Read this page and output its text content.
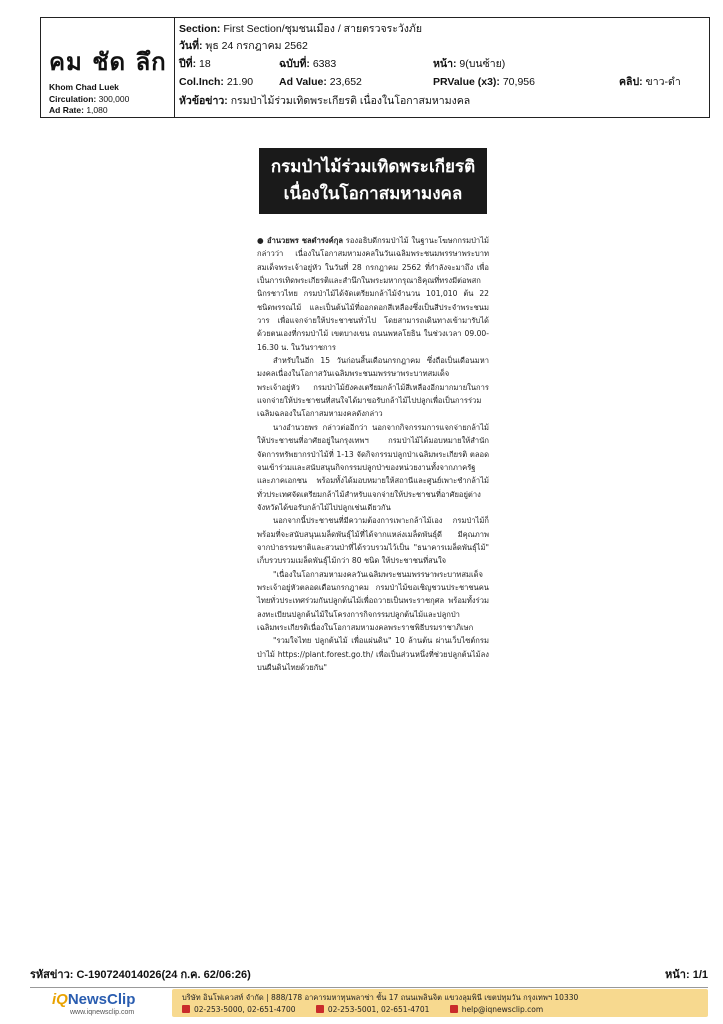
คม ชัด ลึก
Khom Chad Luek
Circulation: 300,000
Ad Rate: 1,080
Section: First Section/ชุมชนเมือง / สายตรวจระวังภัย
วันที่: พุธ 24 กรกฎาคม 2562
ปีที่: 18	ฉบับที่: 6383	หน้า: 9(บนซ้าย)
Col.Inch: 21.90 Ad Value: 23,652	PRValue (x3): 70,956	คลิป: ขาว-ดำ
หัวข้อข่าว: กรมป่าไม้ร่วมเทิดพระเกียรติ เนื่องในโอกาสมหามงคล
กรมป่าไม้ร่วมเทิดพระเกียรติ
เนื่องในโอกาสมหามงคล

● อำนวยพร ชลดำรงค์กุล รองอธิบดีกรมป่าไม้ ในฐานะโฆษกกรมป่าไม้ กล่าวว่า เนื่องในโอกาสมหามงคลในวันเฉลิมพระชนมพรรษาพระบาทสมเด็จพระเจ้าอยู่หัว ในวันที่ 28 กรกฎาคม 2562 ที่กำลังจะมาถึง เพื่อเป็นการเทิดพระเกียรติและสำนึกในพระมหากรุณาธิคุณที่ทรงมีต่อพสกนิกรชาวไทย กรมป่าไม้ได้จัดเตรียมกล้าไม้จำนวน 101,010 ต้น 22 ชนิดพรรณไม้ และเป็นต้นไม้ที่ออกดอกสีเหลืองซึ่งเป็นสีประจำพระชนมวาร เพื่อแจกจ่ายให้ประชาชนทั่วไป โดยสามารถเดินทางเข้ามารับได้ด้วยตนเองที่กรมป่าไม้ เขตบางเขน ถนนพหลโยธิน ในช่วงเวลา 09.00-16.30 น. ในวันราชการ

สำหรับในอีก 15 วันก่อนสิ้นเดือนกรกฎาคม ซึ่งถือเป็นเดือนมหามงคลเนื่องในโอกาสวันเฉลิมพระชนมพรรษาพระบาทสมเด็จพระเจ้าอยู่หัว กรมป่าไม้ยังคงเตรียมกล้าไม้สีเหลืองอีกมากมายในการแจกจ่ายให้ประชาชนที่สนใจได้มาขอรับกล้าไม้ไปปลูกเพื่อเป็นการร่วมเฉลิมฉลองในโอกาสมหามงคลดังกล่าว

นางอำนวยพร กล่าวต่ออีกว่า นอกจากกิจกรรมการแจกจ่ายกล้าไม้ให้ประชาชนที่อาศัยอยู่ในกรุงเทพฯ กรมป่าไม้ได้มอบหมายให้สำนักจัดการทรัพยากรป่าไม้ที่ 1-13 จัดกิจกรรมปลูกป่าเฉลิมพระเกียรติ ตลอดจนเข้าร่วมและสนับสนุนกิจกรรมปลูกป่าของหน่วยงานทั้งจากภาครัฐและภาคเอกชน พร้อมทั้งได้มอบหมายให้สถานีและศูนย์เพาะชำกล้าไม้ทั่วประเทศจัดเตรียมกล้าไม้สำหรับแจกจ่ายให้ประชาชนที่อาศัยอยู่ต่างจังหวัดได้ขอรับกล้าไม้ไปปลูกเช่นเดียวกัน

นอกจากนี้ประชาชนที่มีความต้องการเพาะกล้าไม้เอง กรมป่าไม้ก็พร้อมที่จะสนับสนุนเมล็ดพันธุ์ไม้ที่ได้จากแหล่งเมล็ดพันธุ์ดี มีคุณภาพจากป่าธรรมชาติและสวนป่าที่ได้รวบรวมไว้เป็น "ธนาคารเมล็ดพันธุ์ไม้" เก็บรวบรวมเมล็ดพันธุ์ไม้กว่า 80 ชนิด ให้ประชาชนที่สนใจ

"เนื่องในโอกาสมหามงคลวันเฉลิมพระชนมพรรษาพระบาทสมเด็จพระเจ้าอยู่หัวตลอดเดือนกรกฎาคม กรมป่าไม้ขอเชิญชวนประชาชนคนไทยทั่วประเทศร่วมกันปลูกต้นไม้เพื่อถวายเป็นพระราชกุศล พร้อมทั้งร่วมลงทะเบียนปลูกต้นไม้ในโครงการกิจกรรมปลูกต้นไม้และปลูกป่าเฉลิมพระเกียรติเนื่องในโอกาสมหามงคลพระราชพิธีบรมราชาภิเษก

"รวมใจไทย ปลูกต้นไม้ เพื่อแผ่นดิน" 10 ล้านต้น ผ่านเว็บไซต์กรมป่าไม้ https://plant.forest.go.th/ เพื่อเป็นส่วนหนึ่งที่ช่วยปลูกต้นไม้ลงบนผืนดินไทยด้วยกัน"

รหัสข่าว: C-190724014026(24 ก.ค. 62/06:26)	หน้า: 1/1
iQNewsClip
www.iqnewsclip.com
บริษัท อินโฟเควสท์ จำกัด | 888/178 อาคารมหาทุนพลาซ่า ชั้น 17 ถนนเพลินจิต แขวงลุมพินี เขตปทุมวัน กรุงเทพฯ 10330
02-253-5000, 02-651-4700	02-253-5001, 02-651-4701	help@iqnewsclip.com
